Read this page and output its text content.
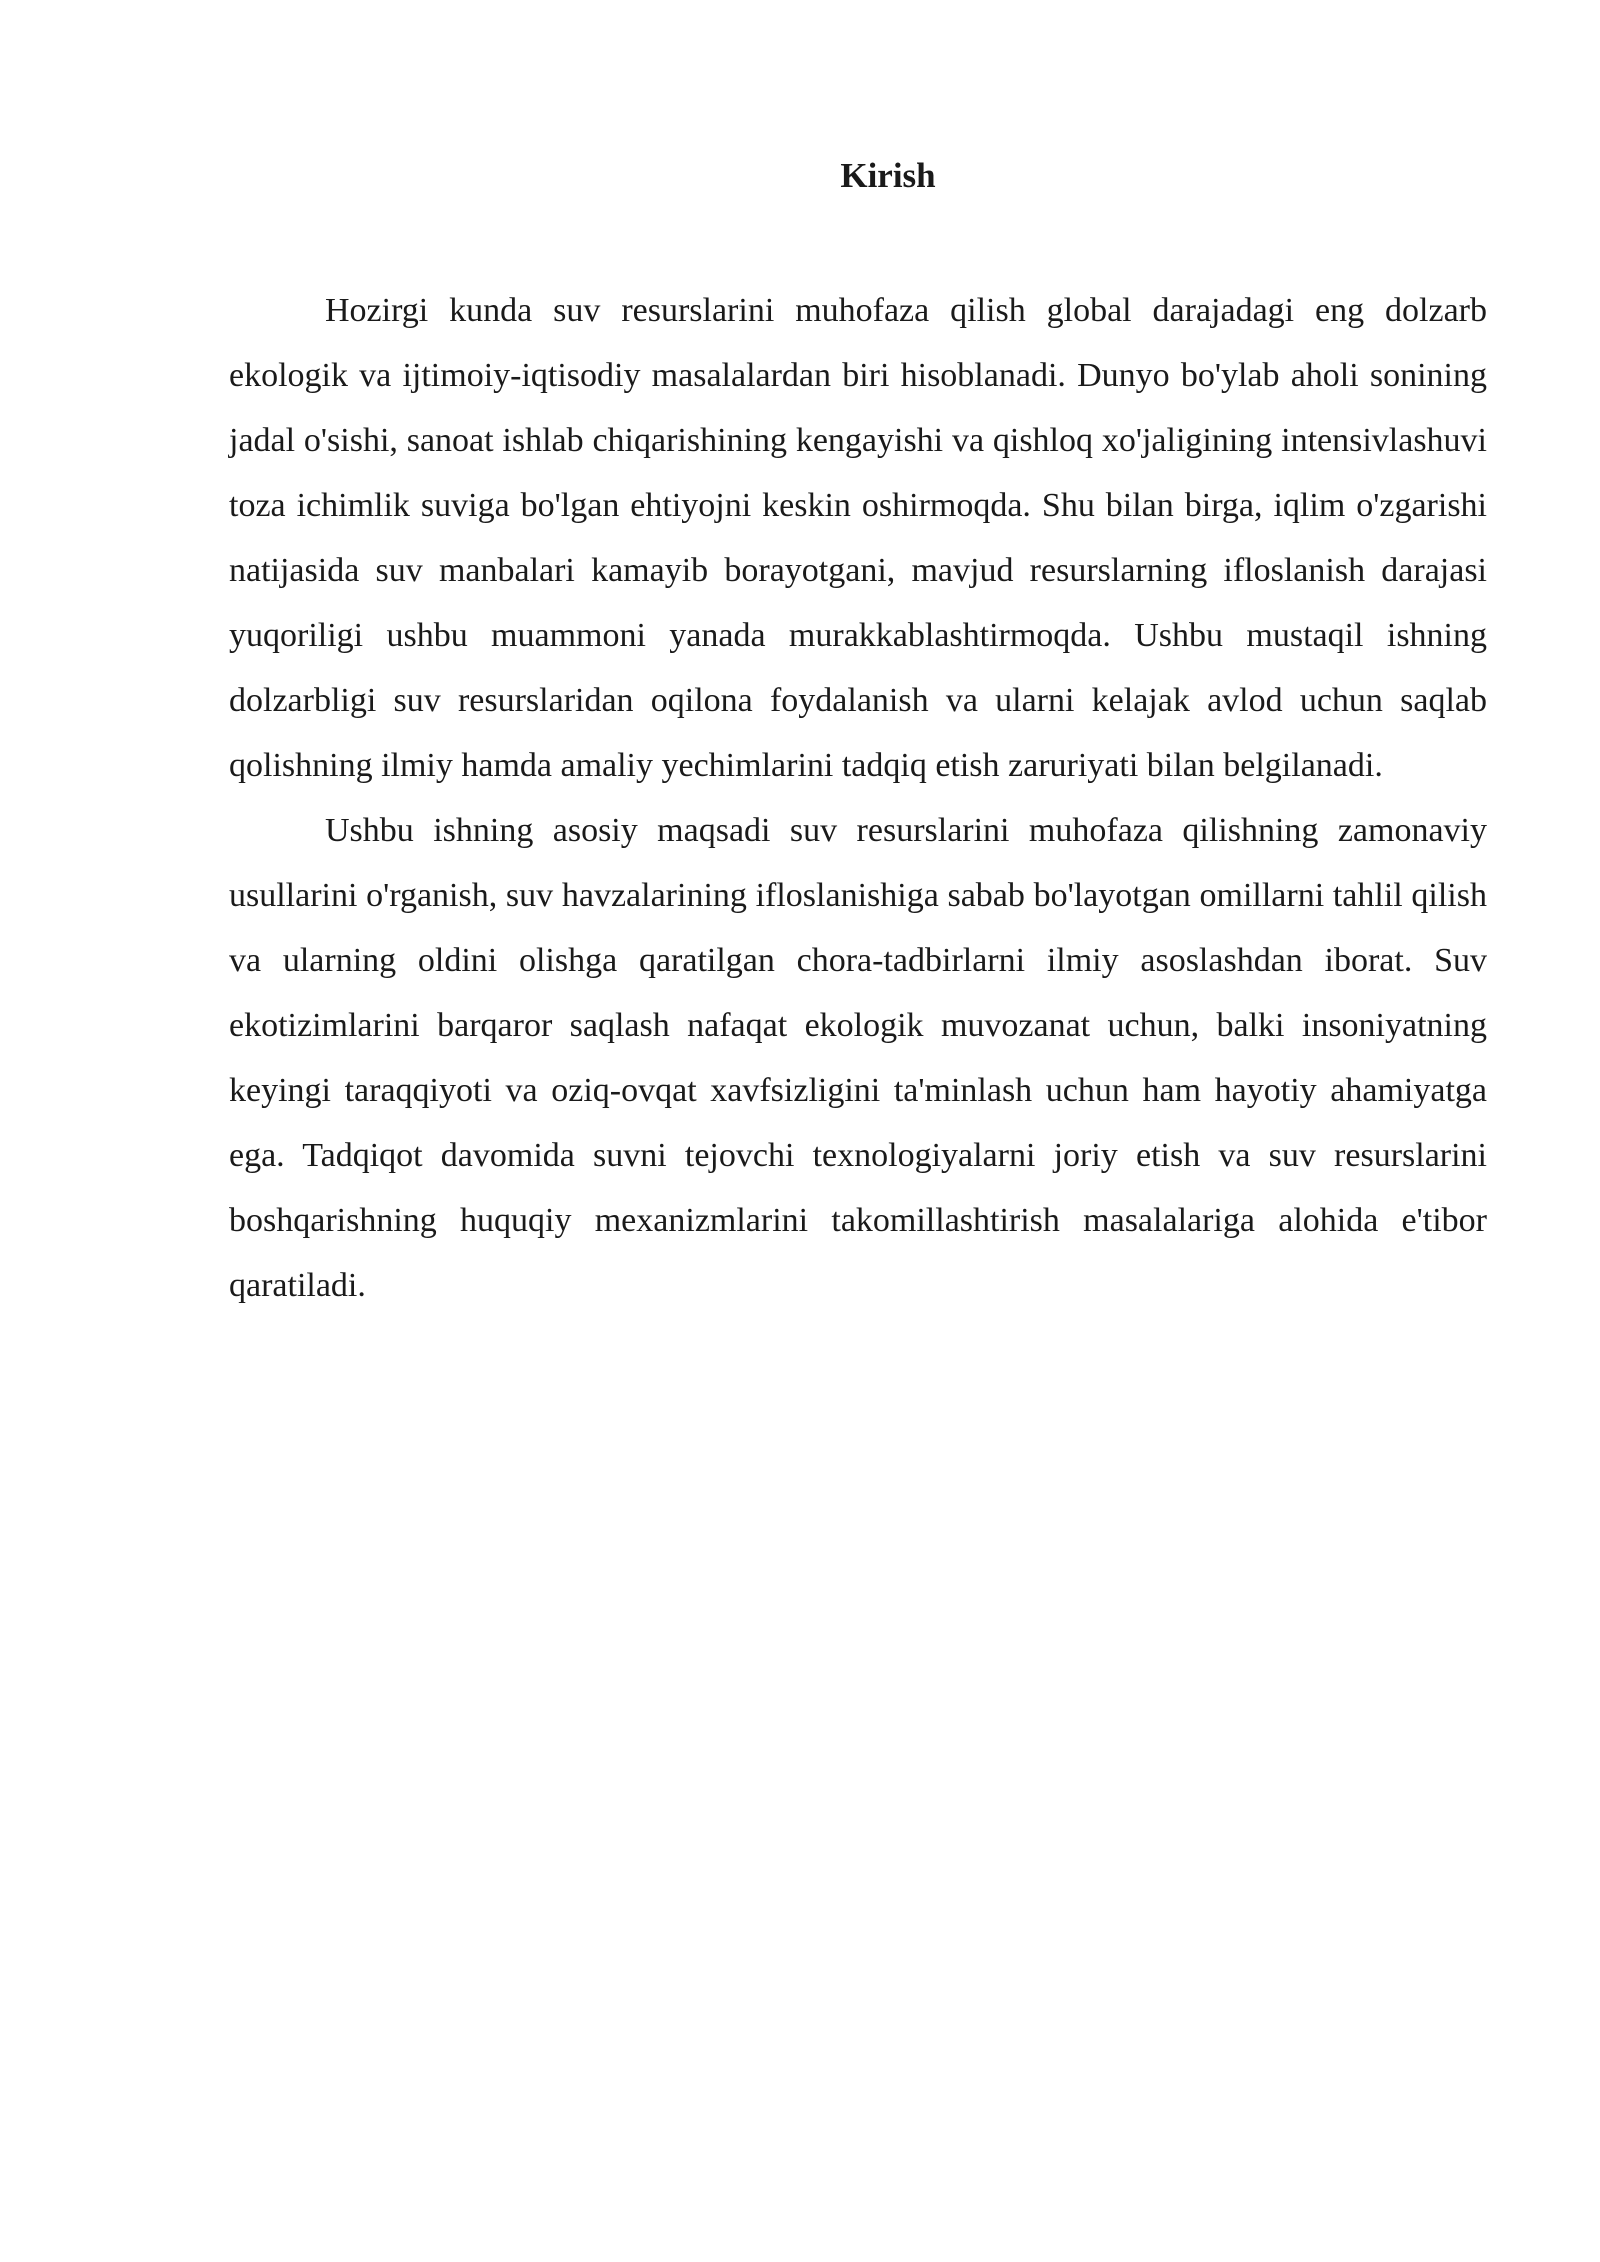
Kirish

Hozirgi kunda suv resurslarini muhofaza qilish global darajadagi eng dolzarb ekologik va ijtimoiy-iqtisodiy masalalardan biri hisoblanadi. Dunyo bo'ylab aholi sonining jadal o'sishi, sanoat ishlab chiqarishining kengayishi va qishloq xo'jaligining intensivlashuvi toza ichimlik suviga bo'lgan ehtiyojni keskin oshirmoqda. Shu bilan birga, iqlim o'zgarishi natijasida suv manbalari kamayib borayotgani, mavjud resurslarning ifloslanish darajasi yuqoriligi ushbu muammoni yanada murakkablashtirmoqda. Ushbu mustaqil ishning dolzarbligi suv resurslaridan oqilona foydalanish va ularni kelajak avlod uchun saqlab qolishning ilmiy hamda amaliy yechimlarini tadqiq etish zaruriyati bilan belgilanadi.

Ushbu ishning asosiy maqsadi suv resurslarini muhofaza qilishning zamonaviy usullarini o'rganish, suv havzalarining ifloslanishiga sabab bo'layotgan omillarni tahlil qilish va ularning oldini olishga qaratilgan chora-tadbirlarni ilmiy asoslashdan iborat. Suv ekotizimlarini barqaror saqlash nafaqat ekologik muvozanat uchun, balki insoniyatning keyingi taraqqiyoti va oziq-ovqat xavfsizligini ta'minlash uchun ham hayotiy ahamiyatga ega. Tadqiqot davomida suvni tejovchi texnologiyalarni joriy etish va suv resurslarini boshqarishning huquqiy mexanizmlarini takomillashtirish masalalariga alohida e'tibor qaratiladi.
